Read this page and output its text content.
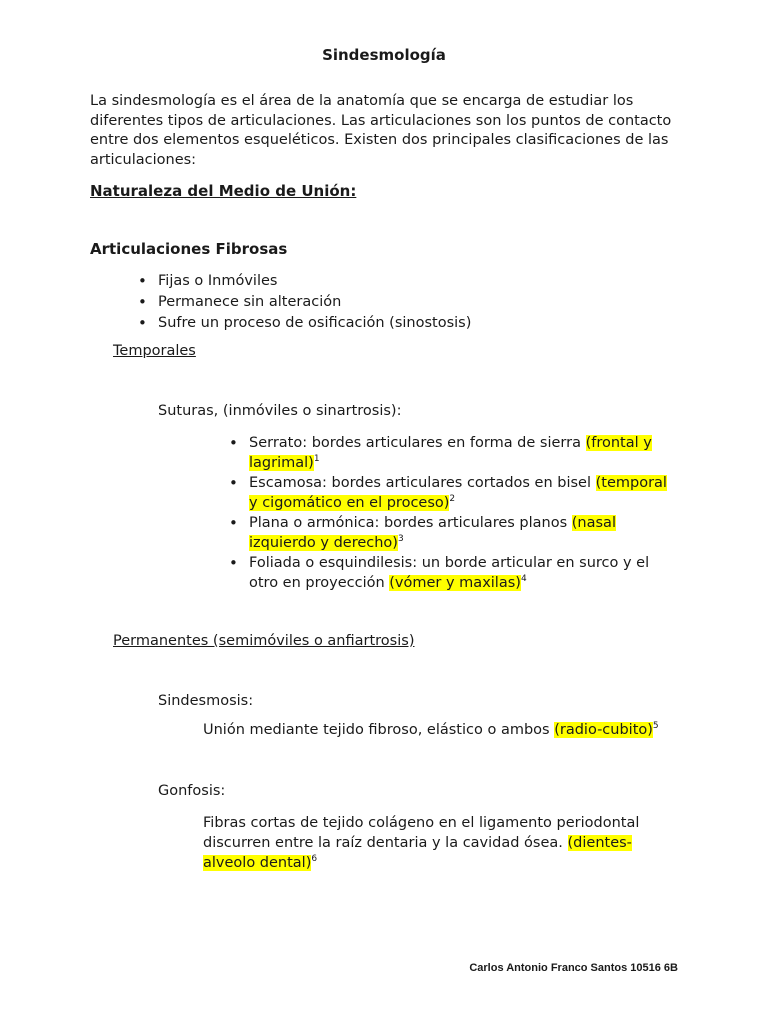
Sindesmología
La sindesmología es el área de la anatomía que se encarga de estudiar los diferentes tipos de articulaciones. Las articulaciones son los puntos de contacto entre dos elementos esqueléticos. Existen dos principales clasificaciones de las articulaciones:
Naturaleza del Medio de Unión:
Articulaciones Fibrosas
• Fijas o Inmóviles
• Permanece sin alteración
• Sufre un proceso de osificación (sinostosis)
Temporales
Suturas, (inmóviles o sinartrosis):
• Serrato: bordes articulares en forma de sierra (frontal y lagrimal)$^1$
• Escamosa: bordes articulares cortados en bisel (temporal y cigomático en el proceso)$^2$
• Plana o armónica: bordes articulares planos (nasal izquierdo y derecho)$^3$
• Foliada o esquindilesis: un borde articular en surco y el otro en proyección (vómer y maxilas)$^4$
Permanentes (semimóviles o anfiartrosis)
Sindesmosis:
Unión mediante tejido fibroso, elástico o ambos (radio-cubito)$^5$
Gonfosis:
Fibras cortas de tejido colágeno en el ligamento periodontal discurren entre la raíz dentaria y la cavidad ósea. (dientes-alveolo dental)$^6$
Carlos Antonio Franco Santos 10516 6B
